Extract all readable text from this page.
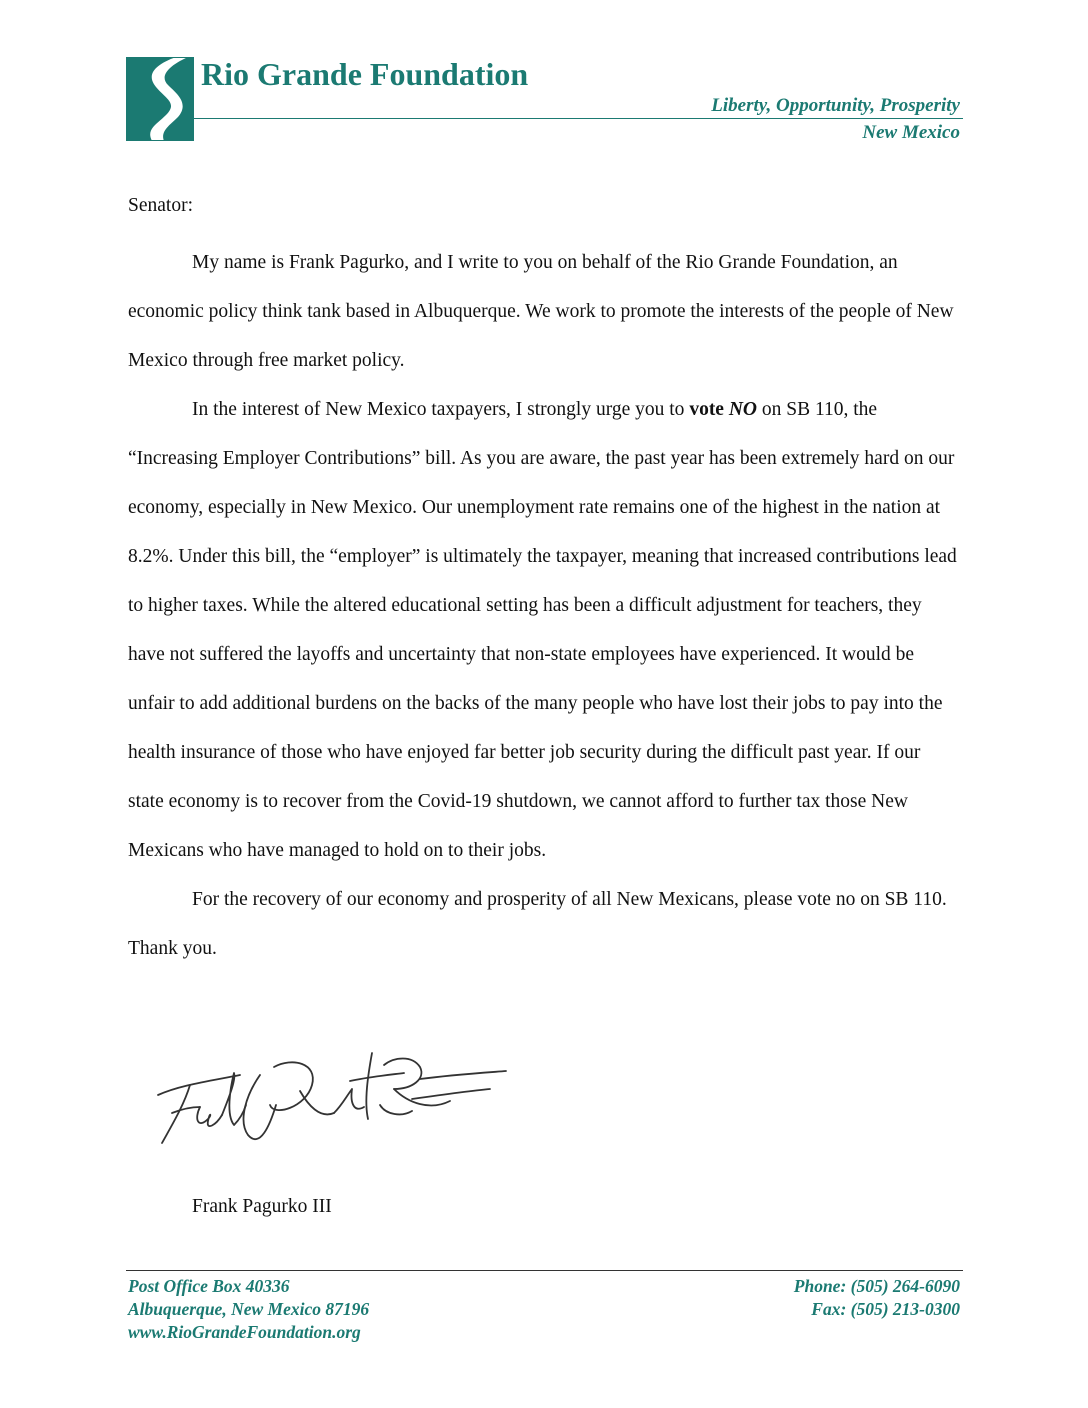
Rio Grande Foundation
Liberty, Opportunity, Prosperity
New Mexico
Senator:

My name is Frank Pagurko, and I write to you on behalf of the Rio Grande Foundation, an economic policy think tank based in Albuquerque. We work to promote the interests of the people of New Mexico through free market policy.

In the interest of New Mexico taxpayers, I strongly urge you to vote NO on SB 110, the “Increasing Employer Contributions” bill. As you are aware, the past year has been extremely hard on our economy, especially in New Mexico. Our unemployment rate remains one of the highest in the nation at 8.2%. Under this bill, the “employer” is ultimately the taxpayer, meaning that increased contributions lead to higher taxes. While the altered educational setting has been a difficult adjustment for teachers, they have not suffered the layoffs and uncertainty that non-state employees have experienced. It would be unfair to add additional burdens on the backs of the many people who have lost their jobs to pay into the health insurance of those who have enjoyed far better job security during the difficult past year. If our state economy is to recover from the Covid-19 shutdown, we cannot afford to further tax those New Mexicans who have managed to hold on to their jobs.

For the recovery of our economy and prosperity of all New Mexicans, please vote no on SB 110. Thank you.

Frank Pagurko III
Post Office Box 40336
Albuquerque, New Mexico 87196
www.RioGrandeFoundation.org
Phone: (505) 264-6090
Fax: (505) 213-0300
